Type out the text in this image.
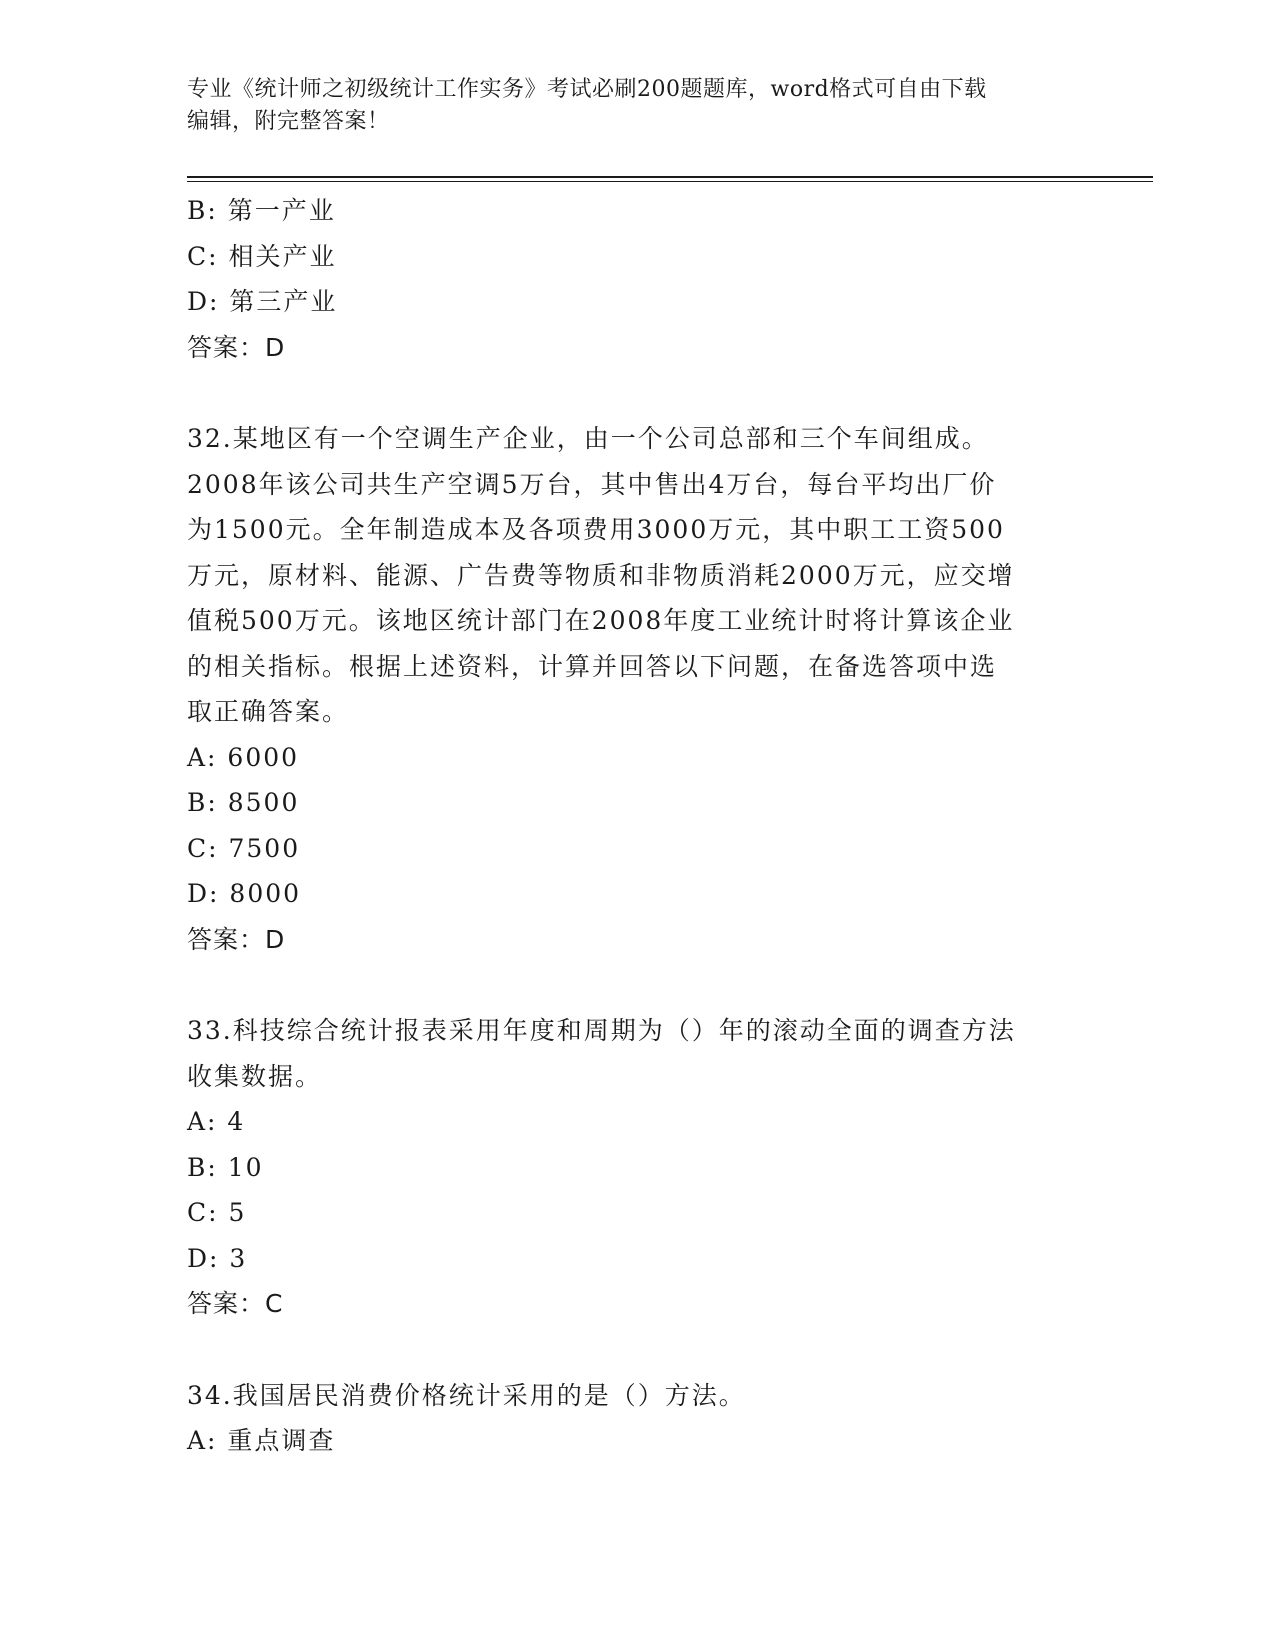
专业《统计师之初级统计工作实务》考试必刷200题题库，word格式可自由下载
编辑，附完整答案！
B: 第一产业
C: 相关产业
D: 第三产业
答案：D
32.某地区有一个空调生产企业，由一个公司总部和三个车间组成。
2008年该公司共生产空调5万台，其中售出4万台，每台平均出厂价
为1500元。全年制造成本及各项费用3000万元，其中职工工资500
万元，原材料、能源、广告费等物质和非物质消耗2000万元，应交增
值税500万元。该地区统计部门在2008年度工业统计时将计算该企业
的相关指标。根据上述资料，计算并回答以下问题，在备选答项中选
取正确答案。
A: 6000
B: 8500
C: 7500
D: 8000
答案：D
33.科技综合统计报表采用年度和周期为（）年的滚动全面的调查方法
收集数据。
A: 4
B: 10
C: 5
D: 3
答案：C
34.我国居民消费价格统计采用的是（）方法。
A: 重点调查
